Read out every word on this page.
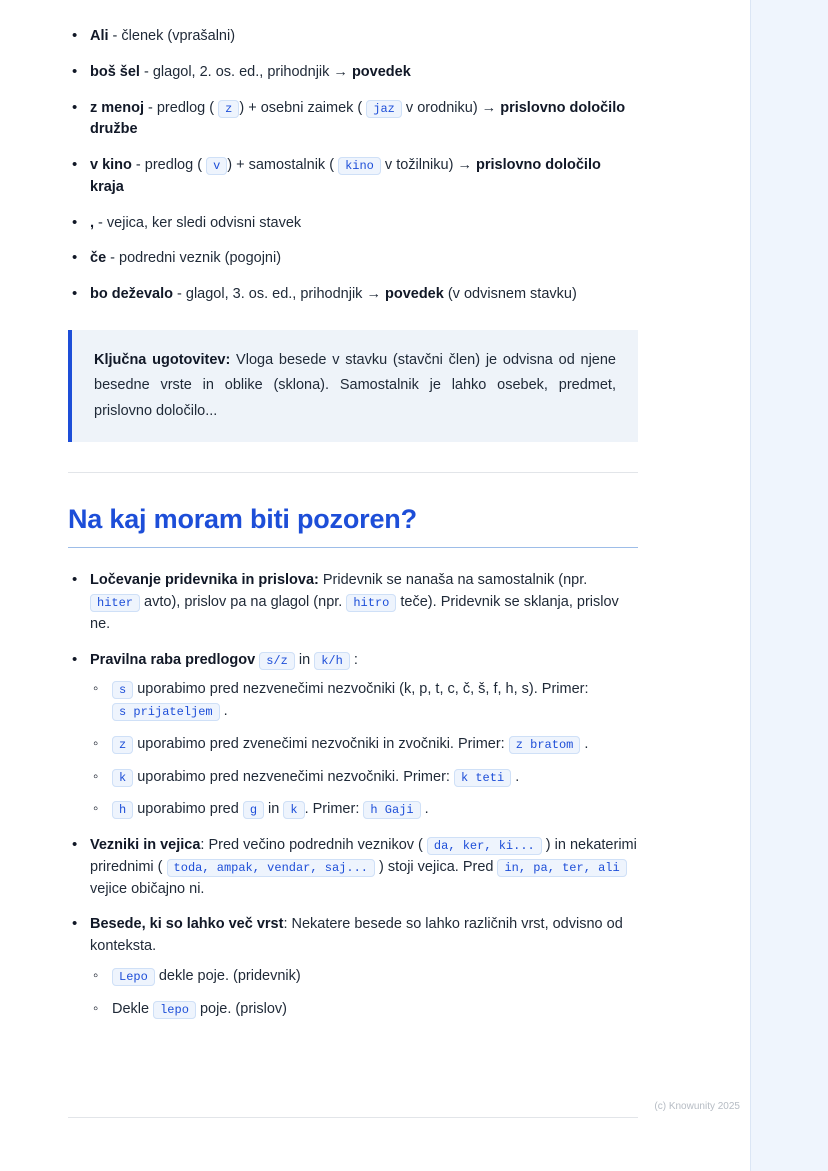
• Ali - členek (vprašalni)
• boš šel - glagol, 2. os. ed., prihodnjik → povedek
• z menoj - predlog ( z ) + osebni zaimek ( jaz v orodniku) → prislovno določilo družbe
• v kino - predlog ( v ) + samostalnik ( kino v tožilniku) → prislovno določilo kraja
• , - vejica, ker sledi odvisni stavek
• če - podredni veznik (pogojni)
• bo deževalo - glagol, 3. os. ed., prihodnjik → povedek (v odvisnem stavku)
Ključna ugotovitev: Vloga besede v stavku (stavčni člen) je odvisna od njene besedne vrste in oblike (sklona). Samostalnik je lahko osebek, predmet, prislovno določilo...
Na kaj moram biti pozoren?
• Ločevanje pridevnika in prislova: Pridevnik se nanaša na samostalnik (npr. hiter avto), prislov pa na glagol (npr. hitro teče). Pridevnik se sklanja, prislov ne.
• Pravilna raba predlogov s/z in k/h :
◦ s uporabimo pred nezvenečimi nezvočniki (k, p, t, c, č, š, f, h, s). Primer: s prijateljem .
◦ z uporabimo pred zvenečimi nezvočniki in zvočniki. Primer: z bratom .
◦ k uporabimo pred nezvenečimi nezvočniki. Primer: k teti .
◦ h uporabimo pred g in k . Primer: h Gaji .
• Vezniki in vejica: Pred večino podrednih veznikov ( da, ker, ki... ) in nekaterimi prirednimi ( toda, ampak, vendar, saj... ) stoji vejica. Pred in, pa, ter, ali vejice običajno ni.
• Besede, ki so lahko več vrst: Nekatere besede so lahko različnih vrst, odvisno od konteksta.
◦ Lepo dekle poje. (pridevnik)
◦ Dekle lepo poje. (prislov)
(c) Knowunity 2025
